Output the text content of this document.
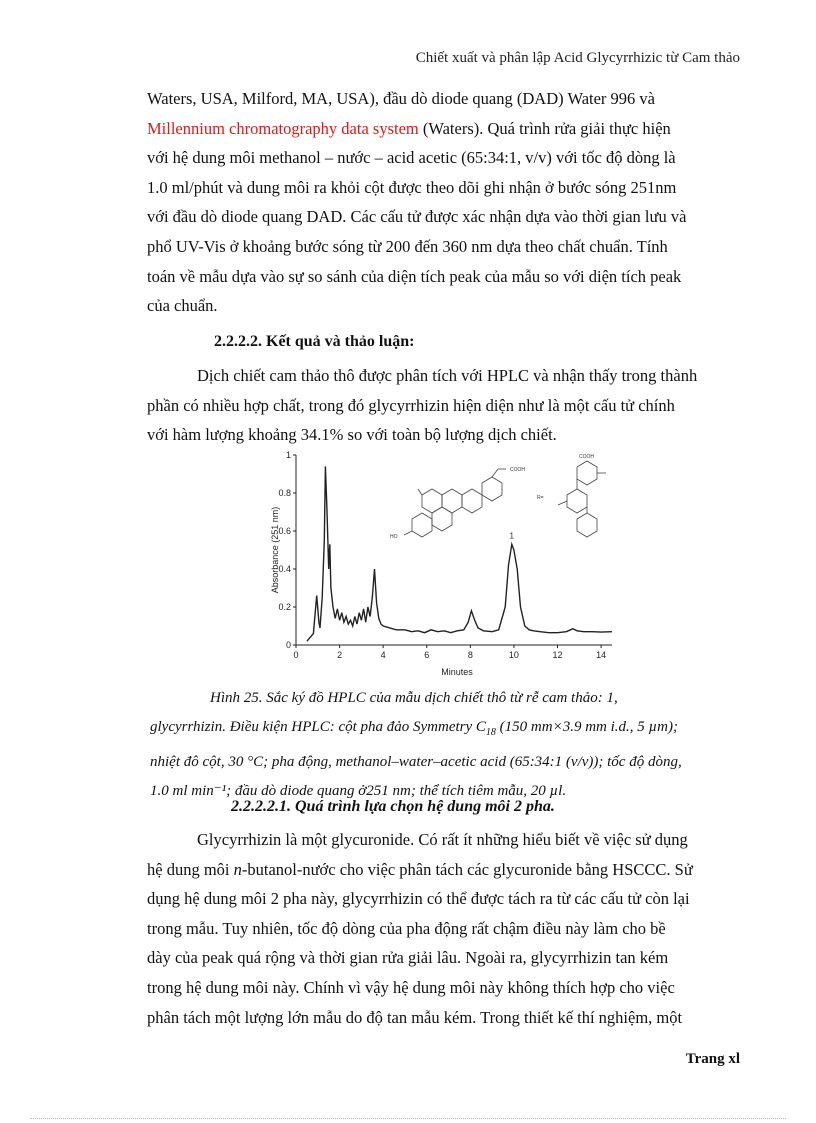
Chiết xuất và phân lập Acid Glycyrrhizic từ Cam thảo
Waters, USA, Milford, MA, USA), đầu dò diode quang (DAD) Water 996 và
Millennium chromatography data system (Waters). Quá trình rửa giải thực hiện
với hệ dung môi methanol – nước – acid acetic (65:34:1, v/v) với tốc độ dòng là
1.0 ml/phút và dung môi ra khỏi cột được theo dõi ghi nhận ở bước sóng 251nm
với đầu dò diode quang DAD. Các cấu tử được xác nhận dựa vào thời gian lưu và
phổ UV-Vis ở khoảng bước sóng từ 200 đến 360 nm dựa theo chất chuẩn. Tính
toán về mẫu dựa vào sự so sánh của diện tích peak của mẫu so với diện tích peak
của chuẩn.
2.2.2.2. Kết quả và thảo luận:
Dịch chiết cam thảo thô được phân tích với HPLC và nhận thấy trong thành
phần có nhiều hợp chất, trong đó glycyrrhizin hiện diện như là một cấu tử chính
với hàm lượng khoảng 34.1% so với toàn bộ lượng dịch chiết.
COOH
HO
COOH
R=
0	2	4	6	8	10	12	14
0
0.2
0.4
0.6
0.8
1
1
Minutes
Absorbance (251 nm)
Hình 25. Sắc ký đồ HPLC của mẫu dịch chiết thô từ rễ cam thảo: 1,
glycyrrhizin. Điều kiện HPLC: cột pha đảo Symmetry $C_{18}$ (150 mm×3.9 mm i.d., 5 µm);
nhiệt đô cột, 30 °C; pha động, methanol–water–acetic acid (65:34:1 (v/v)); tốc độ dòng,
1.0 ml min⁻¹; đầu dò diode quang ở251 nm; thể tích tiêm mẫu, 20 µl.
2.2.2.2.1. Quá trình lựa chọn hệ dung môi 2 pha.
Glycyrrhizin là một glycuronide. Có rất ít những hiểu biết về việc sử dụng
hệ dung môi n-butanol-nước cho việc phân tách các glycuronide bằng HSCCC. Sử
dụng hệ dung môi 2 pha này, glycyrrhizin có thể được tách ra từ các cấu tử còn lại
trong mẫu. Tuy nhiên, tốc độ dòng của pha động rất chậm điều này làm cho bề
dày của peak quá rộng và thời gian rửa giải lâu. Ngoài ra, glycyrrhizin tan kém
trong hệ dung môi này. Chính vì vậy hệ dung môi này không thích hợp cho việc
phân tách một lượng lớn mẫu do độ tan mẫu kém. Trong thiết kế thí nghiệm, một
Trang xl
